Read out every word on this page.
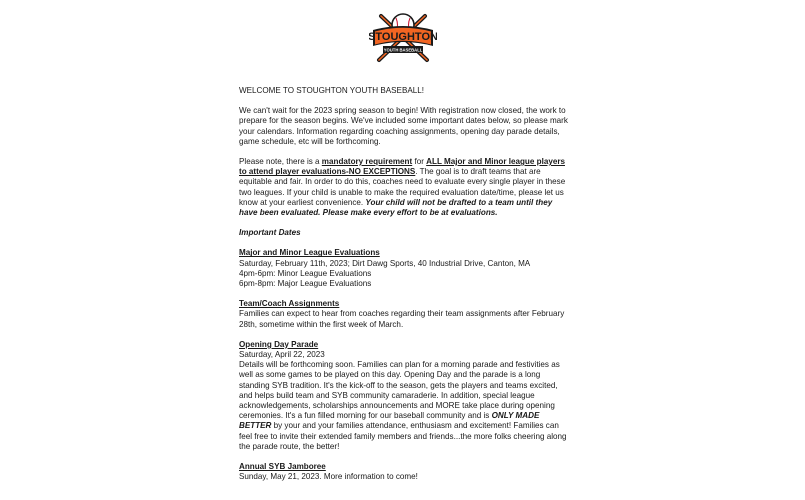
STOUGHTON
YOUTH BASEBALL

WELCOME TO STOUGHTON YOUTH BASEBALL!

We can't wait for the 2023 spring season to begin! With registration now closed, the work to prepare for the season begins. We've included some important dates below, so please mark your calendars. Information regarding coaching assignments, opening day parade details, game schedule, etc will be forthcoming.

Please note, there is a mandatory requirement for ALL Major and Minor league players to attend player evaluations-NO EXCEPTIONS. The goal is to draft teams that are equitable and fair. In order to do this, coaches need to evaluate every single player in these two leagues. If your child is unable to make the required evaluation date/time, please let us know at your earliest convenience. Your child will not be drafted to a team until they have been evaluated. Please make every effort to be at evaluations.

Important Dates

Major and Minor League Evaluations

Saturday, February 11th, 2023; Dirt Dawg Sports, 40 Industrial Drive, Canton, MA

4pm-6pm: Minor League Evaluations

6pm-8pm: Major League Evaluations

Team/Coach Assignments

Families can expect to hear from coaches regarding their team assignments after February 28th, sometime within the first week of March.

Opening Day Parade

Saturday, April 22, 2023

Details will be forthcoming soon. Families can plan for a morning parade and festivities as well as some games to be played on this day. Opening Day and the parade is a long standing SYB tradition. It's the kick-off to the season, gets the players and teams excited, and helps build team and SYB community camaraderie. In addition, special league acknowledgements, scholarships announcements and MORE take place during opening ceremonies. It's a fun filled morning for our baseball community and is ONLY MADE BETTER by your and your families attendance, enthusiasm and excitement! Families can feel free to invite their extended family members and friends...the more folks cheering along the parade route, the better!

Annual SYB Jamboree

Sunday, May 21, 2023. More information to come!
